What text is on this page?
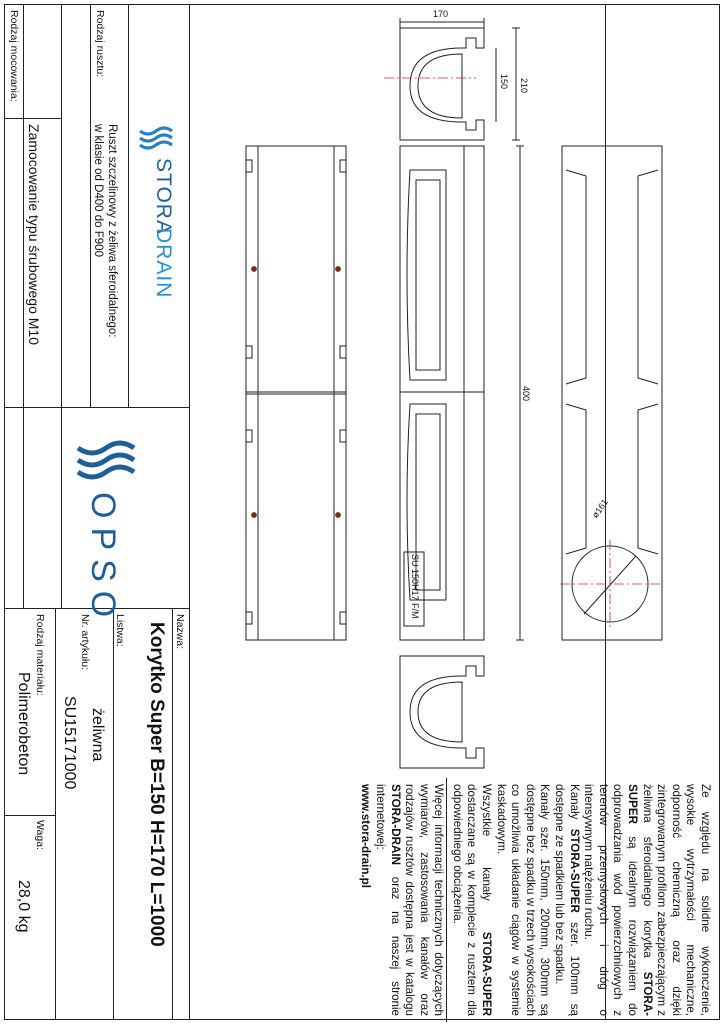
Rodzaj mocowania:	Rodzaj rusztu:
Zamocowanie typu śrubowego M10	Ruszt szczelinowy z żeliwa sferoidalnego:
w klasie od D400 do F900 STORA
DRAIN
OPSO
Nazwa:
Korytko Super B=150 H=170 L=1000
Listwa:
żeliwna
Nr. artykułu:
SU15171000
Rodzaj materiału:
Polimerobeton
Waga:
28,0 kg	Ze względu na solidne wykonczenie, wysokie wytrzymałości mechaniczne, odporność chemiczną oraz dzięki zintegrowanym profilom zabezpieczającym z żeliwna sferoidalnego korytka STORA-SUPER są idealnym rozwiązaniem do odprowadzania wód powierzchniowych z terenów przemysłowych i dróg o intensywnym natężeniu ruchu.

Kanały STORA-SUPER szer. 100mm są dostępne ze spadkiem lub bez spadku.

Kanały szer. 150mm, 200mm, 300mm są dostępne bez spadku w trzech wysokościach co umożliwia układanie ciągów w systemie kaskadowym.

Wszystkie kanały STORA-SUPER dostarczane są w komplecie z rusztem dla odpowiedniego obciążenia.

Więcej informacji technicznych dotyczących wymiarów, zastosowania kanałów oraz rodzajów rusztów dostępna jest w katalogu STORA-DRAIN oraz na naszej stronie internetowej:

www.stora-drain.pl

170
210
150
400
ø161
SU 150H17 F/M
